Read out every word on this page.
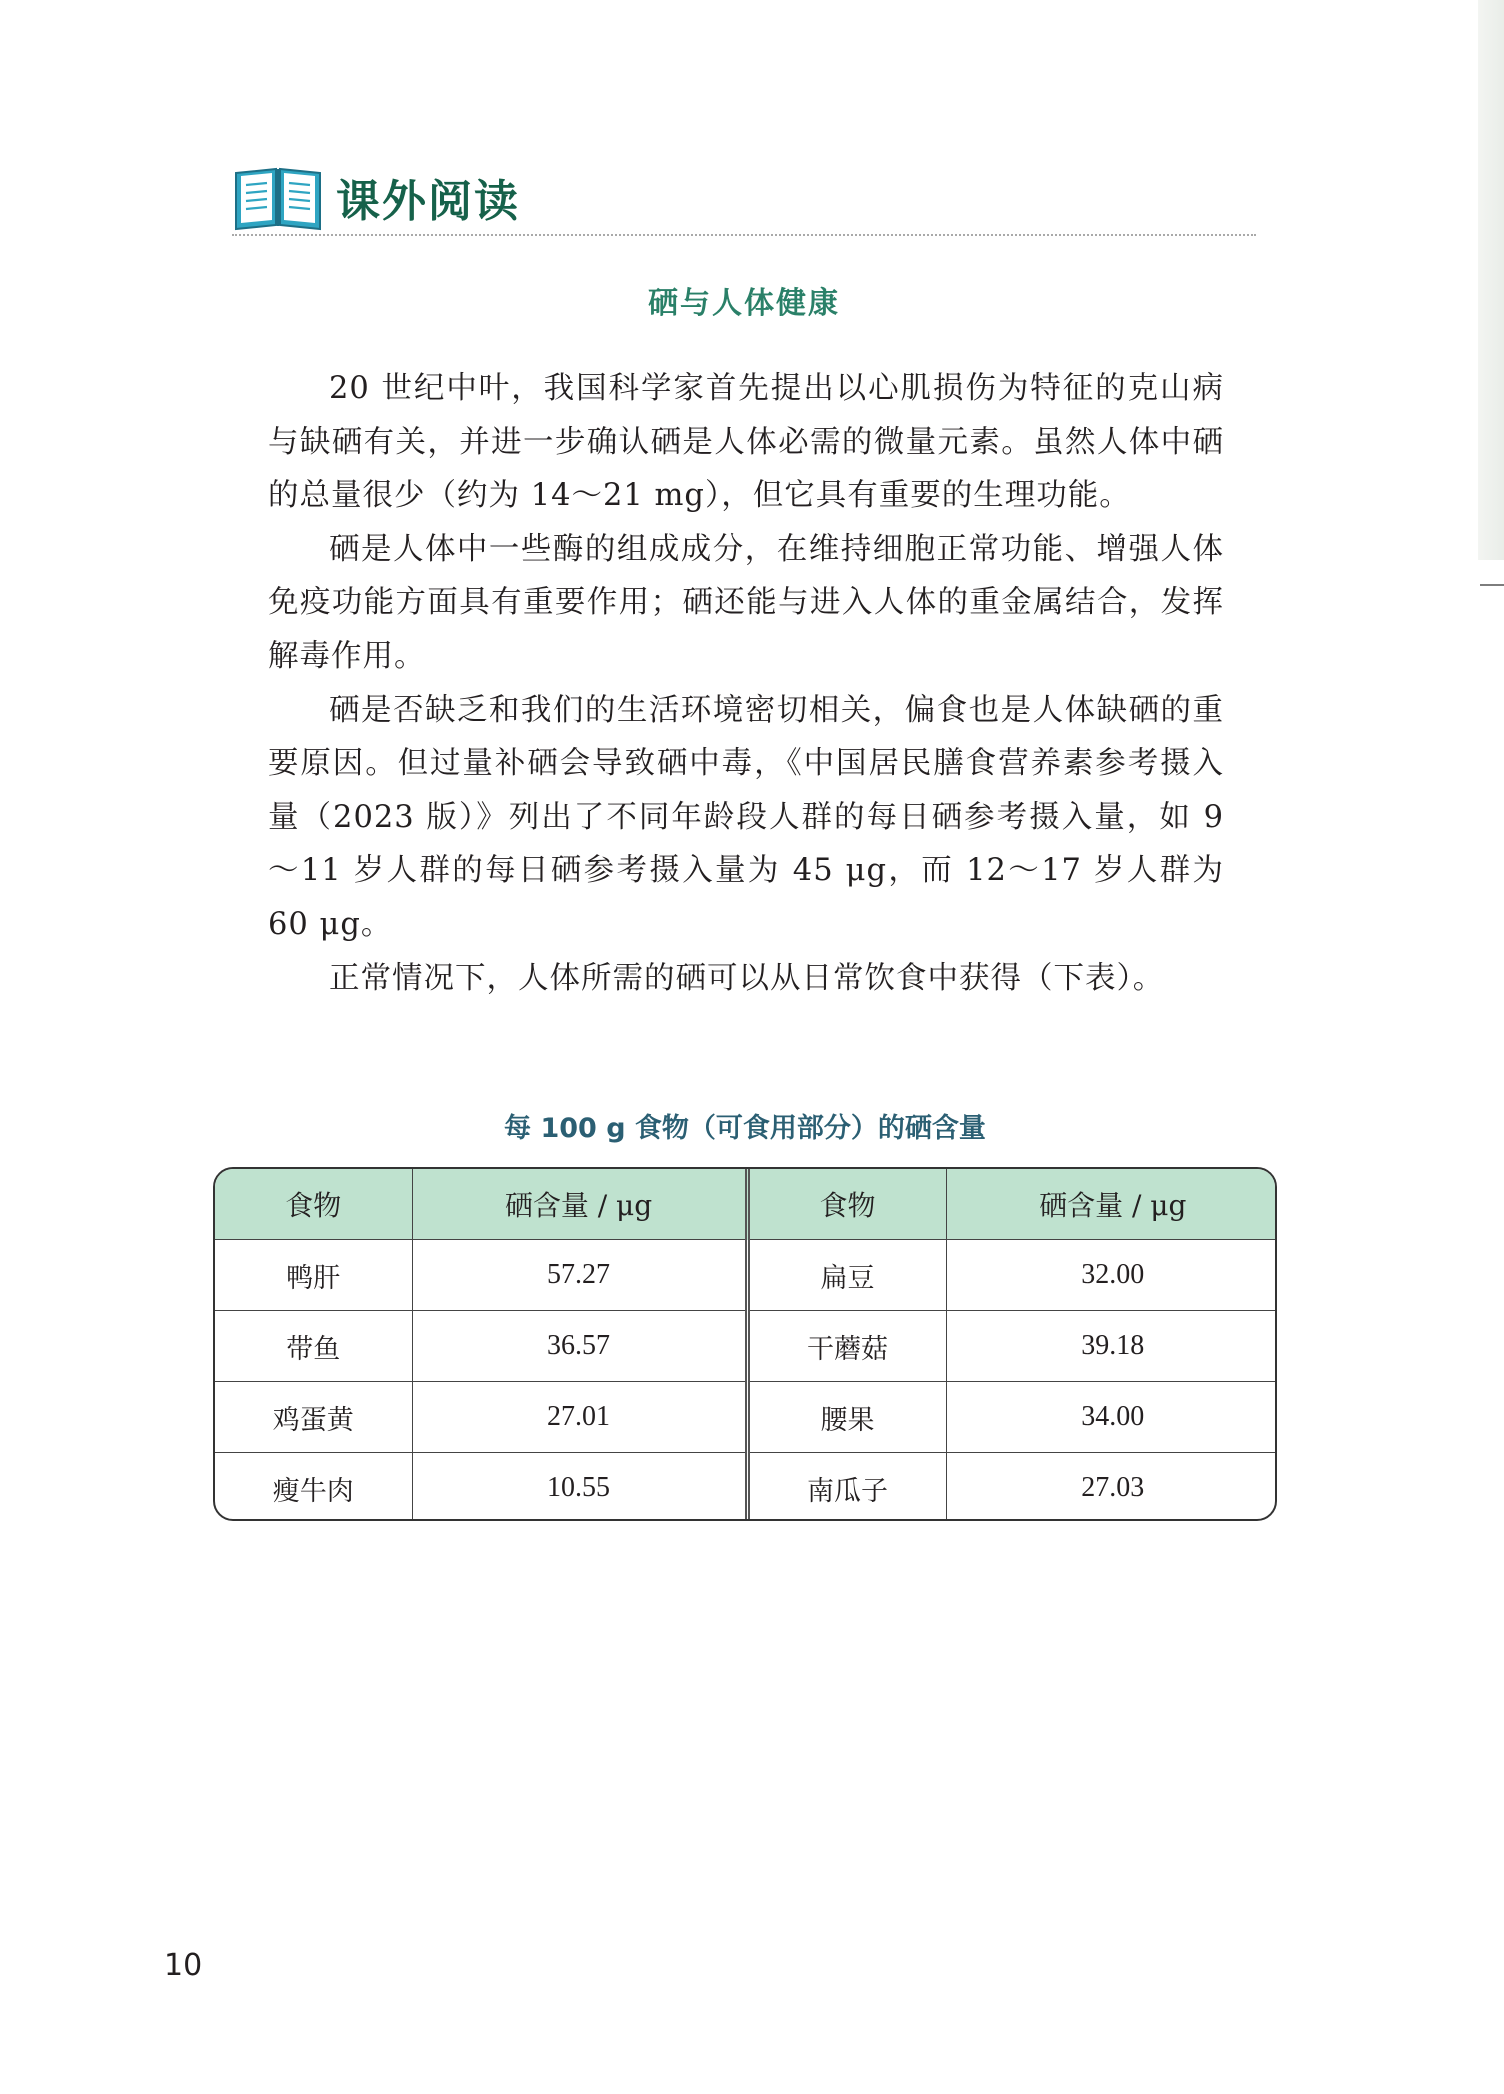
课外阅读
硒与人体健康

20 世纪中叶，我国科学家首先提出以心肌损伤为特征的克山病与缺硒有关，并进一步确认硒是人体必需的微量元素。虽然人体中硒的总量很少（约为 14～21 mg），但它具有重要的生理功能。

硒是人体中一些酶的组成成分，在维持细胞正常功能、增强人体免疫功能方面具有重要作用；硒还能与进入人体的重金属结合，发挥解毒作用。

硒是否缺乏和我们的生活环境密切相关，偏食也是人体缺硒的重要原因。但过量补硒会导致硒中毒，《中国居民膳食营养素参考摄入量（2023 版）》列出了不同年龄段人群的每日硒参考摄入量，如 9～11 岁人群的每日硒参考摄入量为 45 μg，而 12～17 岁人群为 60 μg。

正常情况下，人体所需的硒可以从日常饮食中获得（下表）。

每 100 g 食物（可食用部分）的硒含量
食物	硒含量 / μg	食物	硒含量 / μg
鸭肝	57.27	扁豆	32.00
带鱼	36.57	干蘑菇	39.18
鸡蛋黄	27.01	腰果	34.00
瘦牛肉	10.55	南瓜子	27.03
10
